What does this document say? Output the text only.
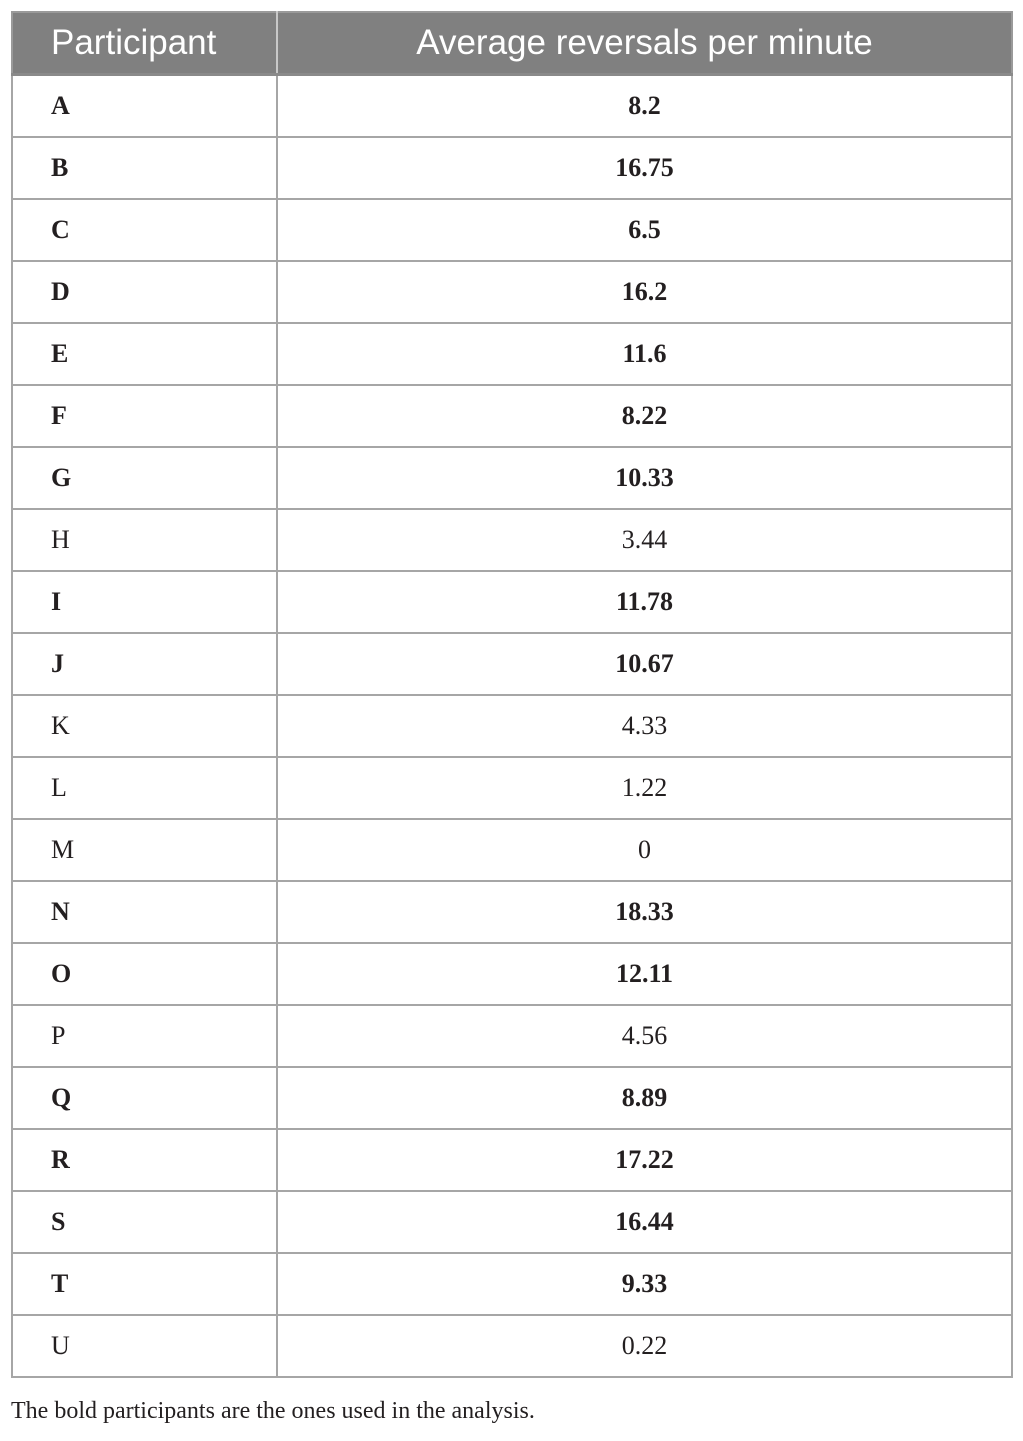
Participant	Average reversals per minute
A	8.2
B	16.75
C	6.5
D	16.2
E	11.6
F	8.22
G	10.33
H	3.44
I	11.78
J	10.67
K	4.33
L	1.22
M	0
N	18.33
O	12.11
P	4.56
Q	8.89
R	17.22
S	16.44
T	9.33
U	0.22
The bold participants are the ones used in the analysis.
